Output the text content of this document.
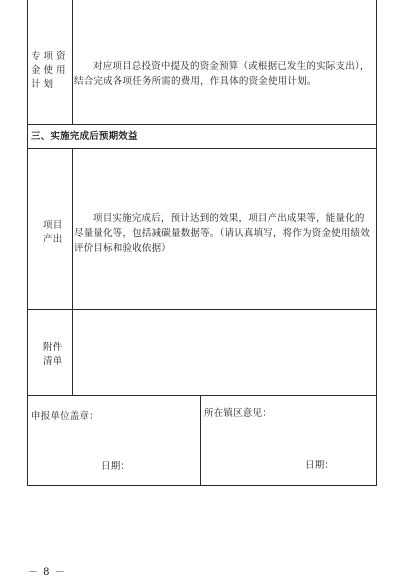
专项资金使用计划
对应项目总投资中提及的资金预算（或根据已发生的实际支出），结合完成各项任务所需的费用，作具体的资金使用计划。
三、实施完成后预期效益
项目产出
项目实施完成后，预计达到的效果，项目产出成果等，能量化的尽量量化等，包括减碳量数据等。（请认真填写，将作为资金使用绩效评价目标和验收依据）
附件清单
申报单位盖章：
日期：
所在镇区意见：
日期：
－ 8 －
